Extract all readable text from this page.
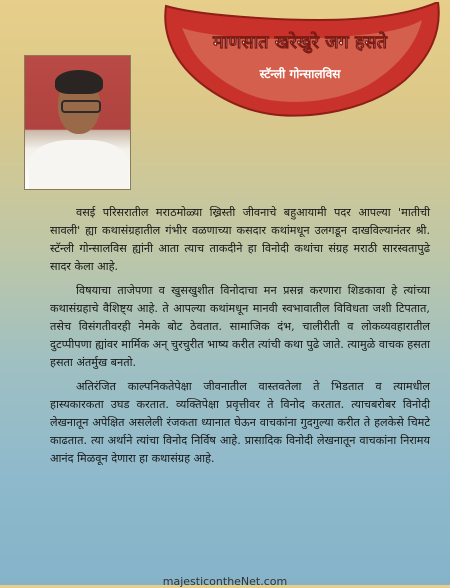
माणसात खरेखुरे जग हसते
स्टॅन्ली गोन्सालविस

वसई परिसरातील मराठमोळ्या ख्रिस्ती जीवनाचे बहुआयामी पदर आपल्या 'मातीची सावली' ह्या कथासंग्रहातील गंभीर वळणाच्या कसदार कथांमधून उलगडून दाखविल्यानंतर श्री. स्टॅन्ली गोन्सालविस ह्यांनी आता त्याच ताकदीने हा विनोदी कथांचा संग्रह मराठी सारस्वतापुढे सादर केला आहे.

विषयाचा ताजेपणा व खुसखुशीत विनोदाचा मन प्रसन्न करणारा शिडकावा हे त्यांच्या कथासंग्रहाचे वैशिष्ट्य आहे. ते आपल्या कथांमधून मानवी स्वभावातील विविधता जशी टिपतात, तसेच विसंगतीवरही नेमके बोट ठेवतात. सामाजिक दंभ, चालीरीती व लोकव्यवहारातील दुटप्पीपणा ह्यांवर मार्मिक अन् चुरचुरीत भाष्य करीत त्यांची कथा पुढे जाते. त्यामुळे वाचक हसता हसता अंतर्मुख बनतो.

अतिरंजित काल्पनिकतेपेक्षा जीवनातील वास्तवतेला ते भिडतात व त्यामधील हास्यकारकता उघड करतात. व्यक्तिपेक्षा प्रवृत्तीवर ते विनोद करतात. त्याचबरोबर विनोदी लेखनातून अपेक्षित असलेली रंजकता ध्यानात घेऊन वाचकांना गुदगुल्या करीत ते हलकेसे चिमटे काढतात. त्या अर्थाने त्यांचा विनोद निर्विष आहे. प्रासादिक विनोदी लेखनातून वाचकांना निरामय आनंद मिळवून देणारा हा कथासंग्रह आहे.

majesticontheNet.com
